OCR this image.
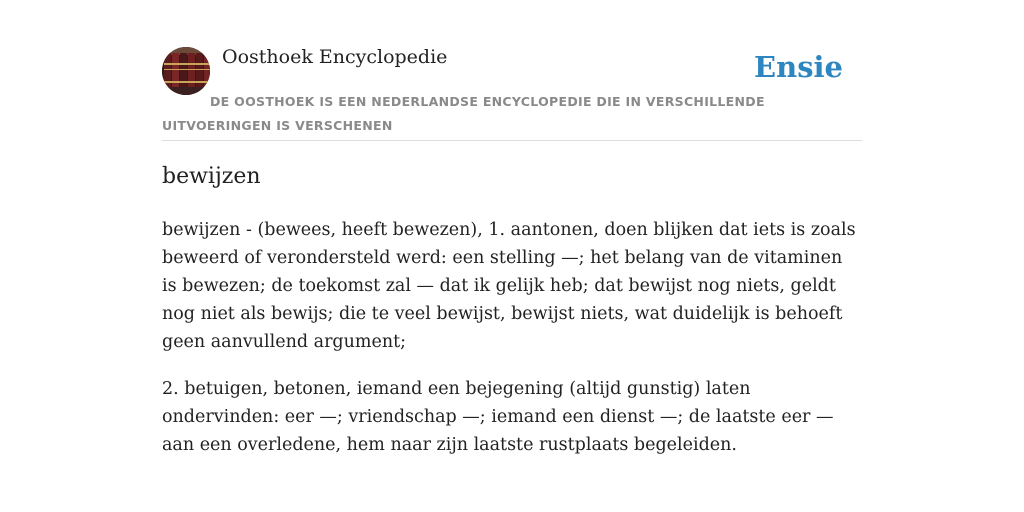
Oosthoek Encyclopedie	Ensie
DE OOSTHOEK IS EEN NEDERLANDSE ENCYCLOPEDIE DIE IN VERSCHILLENDE UITVOERINGEN IS VERSCHENEN
bewijzen

bewijzen - (bewees, heeft bewezen), 1. aantonen, doen blijken dat iets is zoals beweerd of verondersteld werd: een stelling —; het belang van de vitaminen is bewezen; de toekomst zal — dat ik gelijk heb; dat bewijst nog niets, geldt nog niet als bewijs; die te veel bewijst, bewijst niets, wat duidelijk is behoeft geen aanvullend argument;

2. betuigen, betonen, iemand een bejegening (altijd gunstig) laten ondervinden: eer —; vriendschap —; iemand een dienst —; de laatste eer — aan een overledene, hem naar zijn laatste rustplaats begeleiden.
